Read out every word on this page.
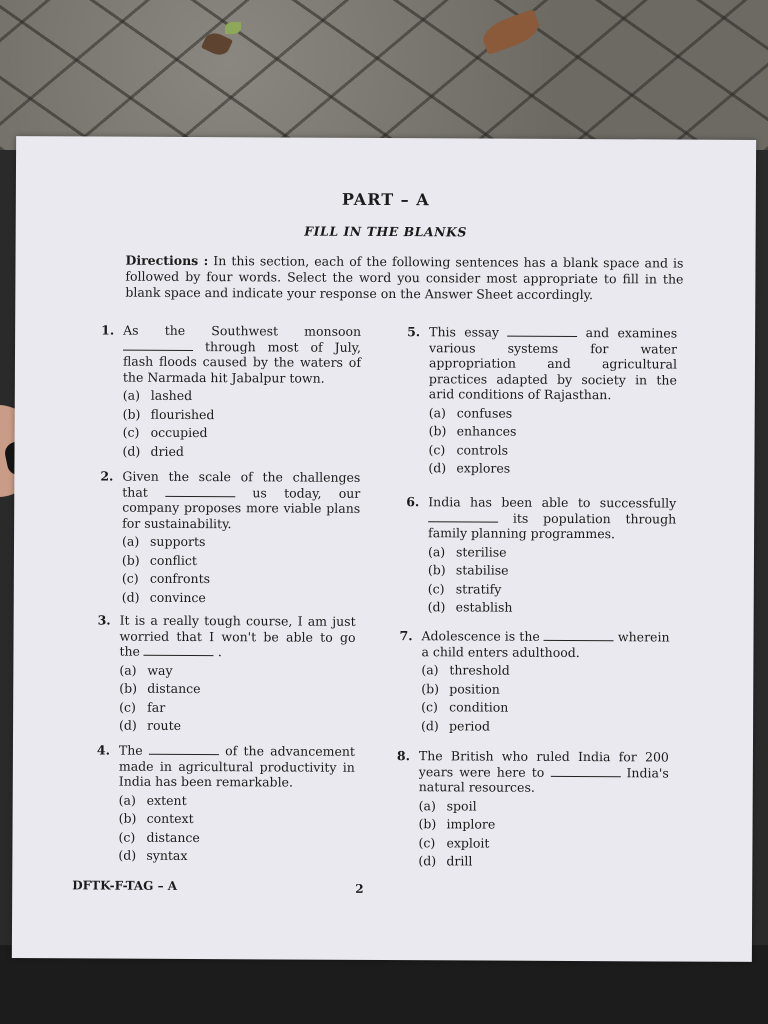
PART – A
FILL IN THE BLANKS
Directions : In this section, each of the following sentences has a blank space and is followed by four words. Select the word you consider most appropriate to fill in the blank space and indicate your response on the Answer Sheet accordingly.
DFTK-F-TAG – A	2
1. As the Southwest monsoon  through most of July, flash floods caused by the waters of the Narmada hit Jabalpur town.
(a) lashed
(b) flourished
(c) occupied
(d) dried
2. Given the scale of the challenges that	us today, our company proposes more viable plans for sustainability.
(a) supports
(b) conflict
(c) confronts
(d) convince
3. It is a really tough course, I am just worried that I won't be able to go the	.
(a) way
(b) distance
(c) far
(d) route
4. The	of the advancement made in agricultural productivity in India has been remarkable.
(a) extent
(b) context
(c) distance
(d) syntax
5. This essay	and examines various systems for water appropriation and agricultural practices adapted by society in the arid conditions of Rajasthan.
(a) confuses
(b) enhances
(c) controls
(d) explores
6. India has been able to successfully  its population through family planning programmes.
(a) sterilise
(b) stabilise
(c) stratify
(d) establish
7. Adolescence is the	wherein a child enters adulthood.
(a) threshold
(b) position
(c) condition
(d) period
8. The British who ruled India for 200 years were here to	India's natural resources.
(a) spoil
(b) implore
(c) exploit
(d) drill
